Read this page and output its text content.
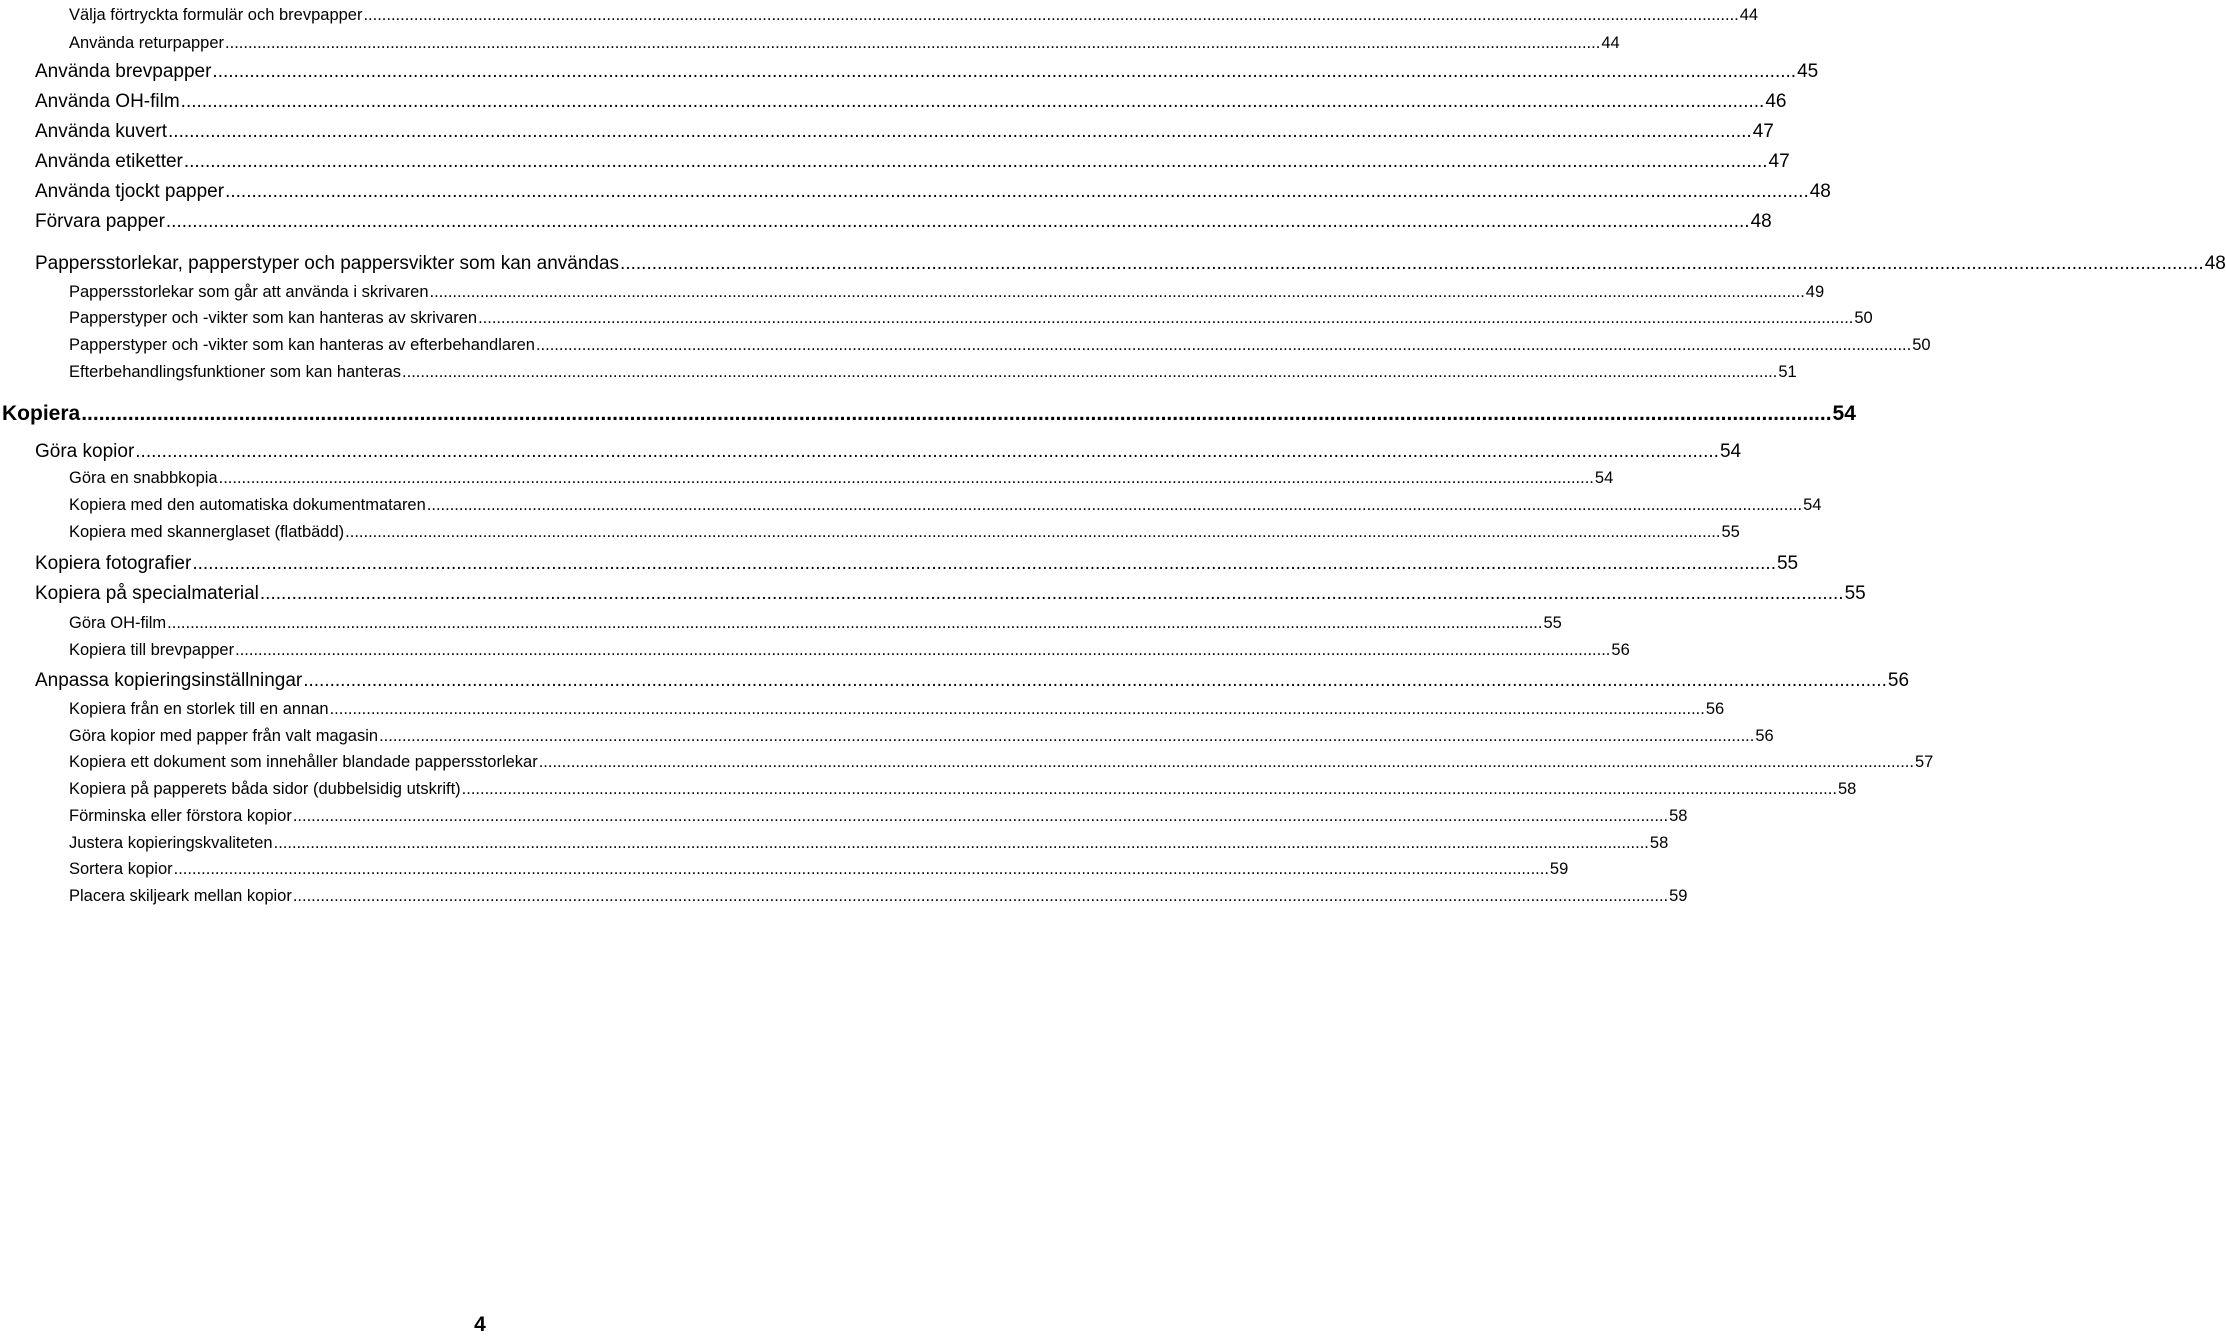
Välja förtryckta formulär och brevpapper ............................................................................................................................................................................................................................................................................................................ 44
Använda returpapper ............................................................................................................................................................................................................................................................................................................ 44
Använda brevpapper ............................................................................................................................................................................................................................................................................................................ 45
Använda OH-film ............................................................................................................................................................................................................................................................................................................ 46
Använda kuvert ............................................................................................................................................................................................................................................................................................................ 47
Använda etiketter ............................................................................................................................................................................................................................................................................................................ 47
Använda tjockt papper ............................................................................................................................................................................................................................................................................................................ 48
Förvara papper ............................................................................................................................................................................................................................................................................................................ 48
Pappersstorlekar, papperstyper och pappersvikter som kan användas ............................................................................................................................................................................................................................................................................................................ 48
Pappersstorlekar som går att använda i skrivaren ............................................................................................................................................................................................................................................................................................................ 49
Papperstyper och -vikter som kan hanteras av skrivaren ............................................................................................................................................................................................................................................................................................................ 50
Papperstyper och -vikter som kan hanteras av efterbehandlaren ............................................................................................................................................................................................................................................................................................................ 50
Efterbehandlingsfunktioner som kan hanteras ............................................................................................................................................................................................................................................................................................................ 51
Kopiera ............................................................................................................................................................................................................................................................................................................ 54
Göra kopior ............................................................................................................................................................................................................................................................................................................ 54
Göra en snabbkopia ............................................................................................................................................................................................................................................................................................................ 54
Kopiera med den automatiska dokumentmataren ............................................................................................................................................................................................................................................................................................................ 54
Kopiera med skannerglaset (flatbädd) ............................................................................................................................................................................................................................................................................................................ 55
Kopiera fotografier ............................................................................................................................................................................................................................................................................................................ 55
Kopiera på specialmaterial ............................................................................................................................................................................................................................................................................................................ 55
Göra OH-film ............................................................................................................................................................................................................................................................................................................ 55
Kopiera till brevpapper ............................................................................................................................................................................................................................................................................................................ 56
Anpassa kopieringsinställningar ............................................................................................................................................................................................................................................................................................................ 56
Kopiera från en storlek till en annan ............................................................................................................................................................................................................................................................................................................ 56
Göra kopior med papper från valt magasin ............................................................................................................................................................................................................................................................................................................ 56
Kopiera ett dokument som innehåller blandade pappersstorlekar ............................................................................................................................................................................................................................................................................................................ 57
Kopiera på papperets båda sidor (dubbelsidig utskrift) ............................................................................................................................................................................................................................................................................................................ 58
Förminska eller förstora kopior ............................................................................................................................................................................................................................................................................................................ 58
Justera kopieringskvaliteten ............................................................................................................................................................................................................................................................................................................ 58
Sortera kopior ............................................................................................................................................................................................................................................................................................................ 59
Placera skiljeark mellan kopior ............................................................................................................................................................................................................................................................................................................ 59
4
